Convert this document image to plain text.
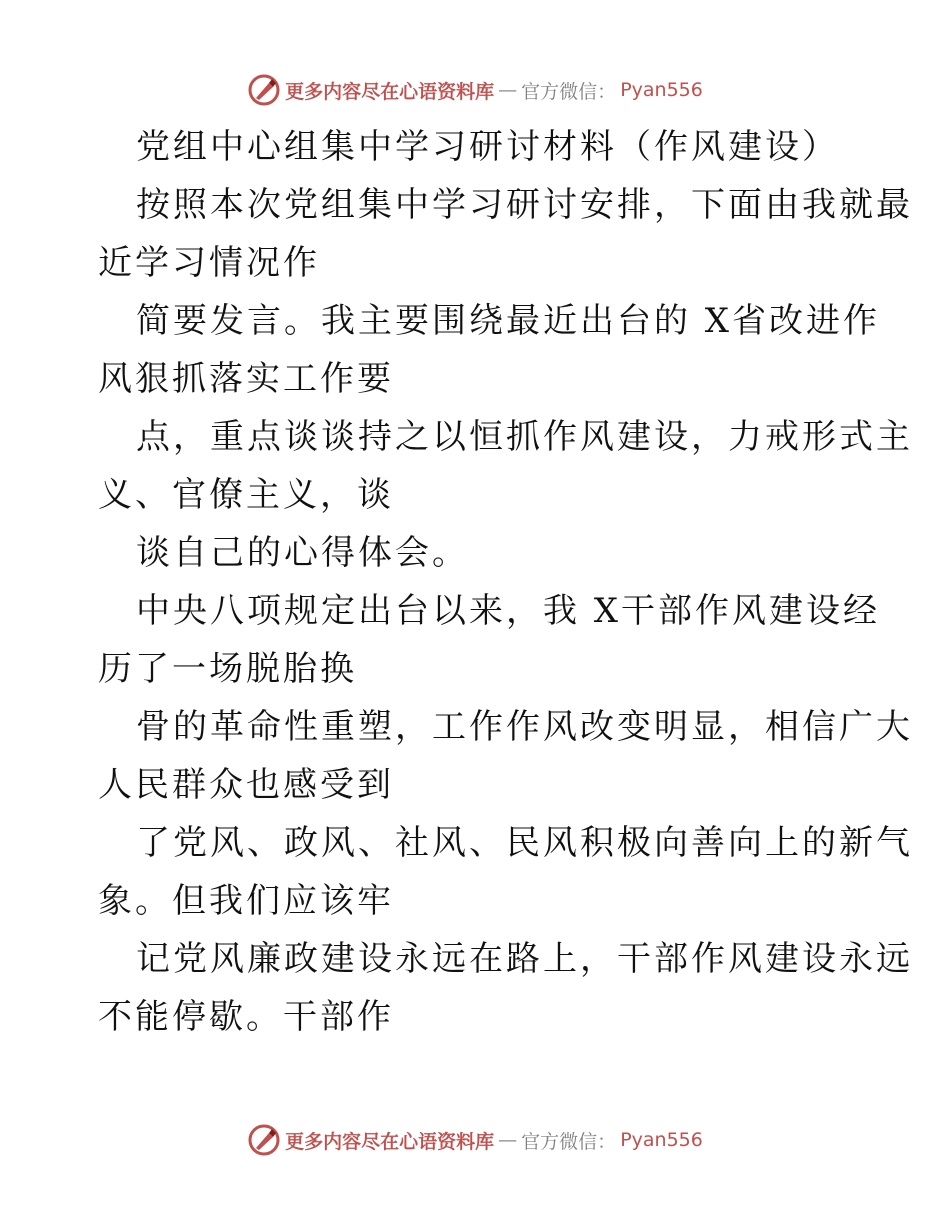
更多内容尽在心语资料库 — 官方微信： Pyan556
党组中心组集中学习研讨材料（作风建设）
按照本次党组集中学习研讨安排，下面由我就最
近学习情况作
简要发言。我主要围绕最近出台的 X省改进作
风狠抓落实工作要
点，重点谈谈持之以恒抓作风建设，力戒形式主
义、官僚主义，谈
谈自己的心得体会。
中央八项规定出台以来，我 X干部作风建设经
历了一场脱胎换
骨的革命性重塑，工作作风改变明显，相信广大
人民群众也感受到
了党风、政风、社风、民风积极向善向上的新气
象。但我们应该牢
记党风廉政建设永远在路上，干部作风建设永远
不能停歇。干部作
更多内容尽在心语资料库 — 官方微信： Pyan556
